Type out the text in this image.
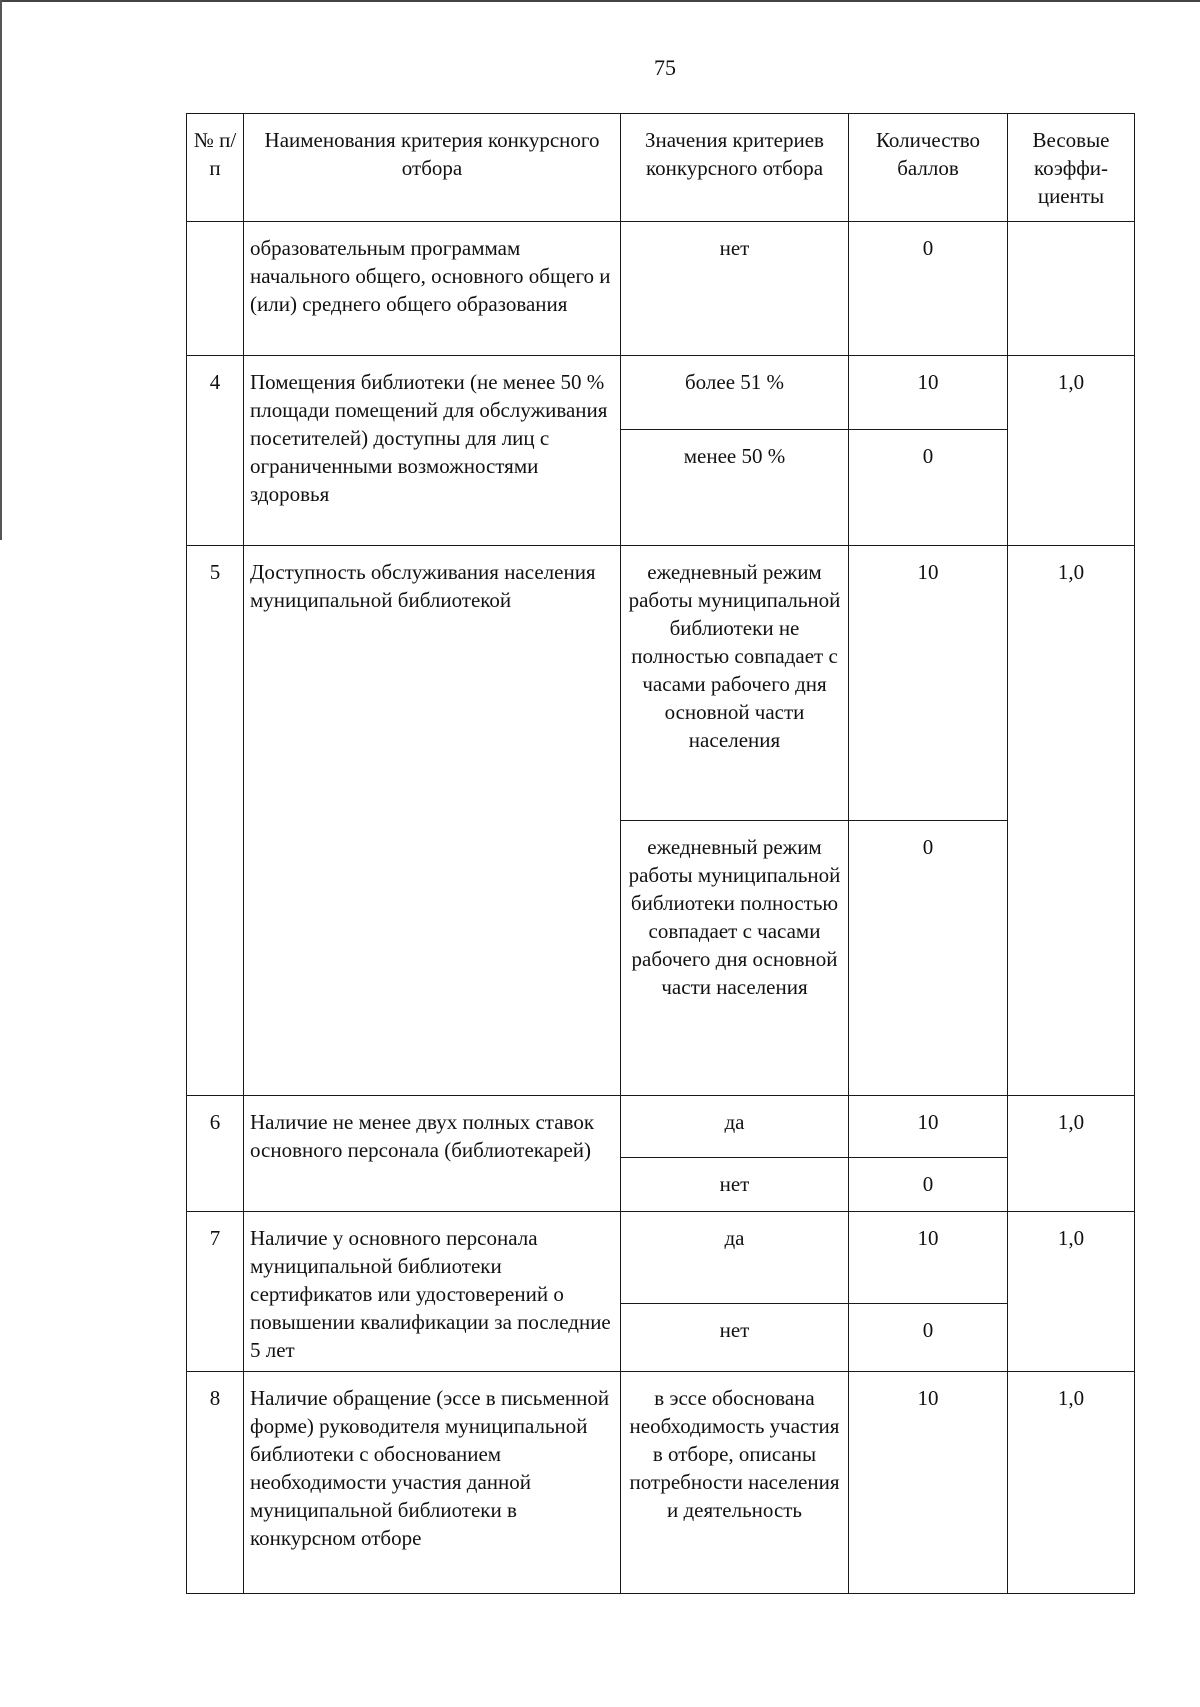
75
№ п/п	Наименования критерия конкурсного отбора	Значения критериев конкурсного отбора	Количество баллов	Весовые коэффи-циенты
	образовательным программам начального общего, основного общего и (или) среднего общего образования	нет	0	
4	Помещения библиотеки (не менее 50 % площади помещений для обслуживания посетителей) доступны для лиц с ограниченными возможностями здоровья	более 51 %	10	1,0
		менее 50 %	0	
5	Доступность обслуживания населения муниципальной библиотекой	ежедневный режим работы муниципальной библиотеки не полностью совпадает с часами рабочего дня основной части населения	10	1,0
		ежедневный режим работы муниципальной библиотеки полностью совпадает с часами рабочего дня основной части населения	0	
6	Наличие не менее двух полных ставок основного персонала (библиотекарей)	да	10	1,0
		нет	0	
7	Наличие у основного персонала муниципальной библиотеки сертификатов или удостоверений о повышении квалификации за последние 5 лет	да	10	1,0
		нет	0	
8	Наличие обращение (эссе в письменной форме) руководителя муниципальной библиотеки с обоснованием необходимости участия данной муниципальной библиотеки в конкурсном отборе	в эссе обоснована необходимость участия в отборе, описаны потребности населения и деятельность	10	1,0
